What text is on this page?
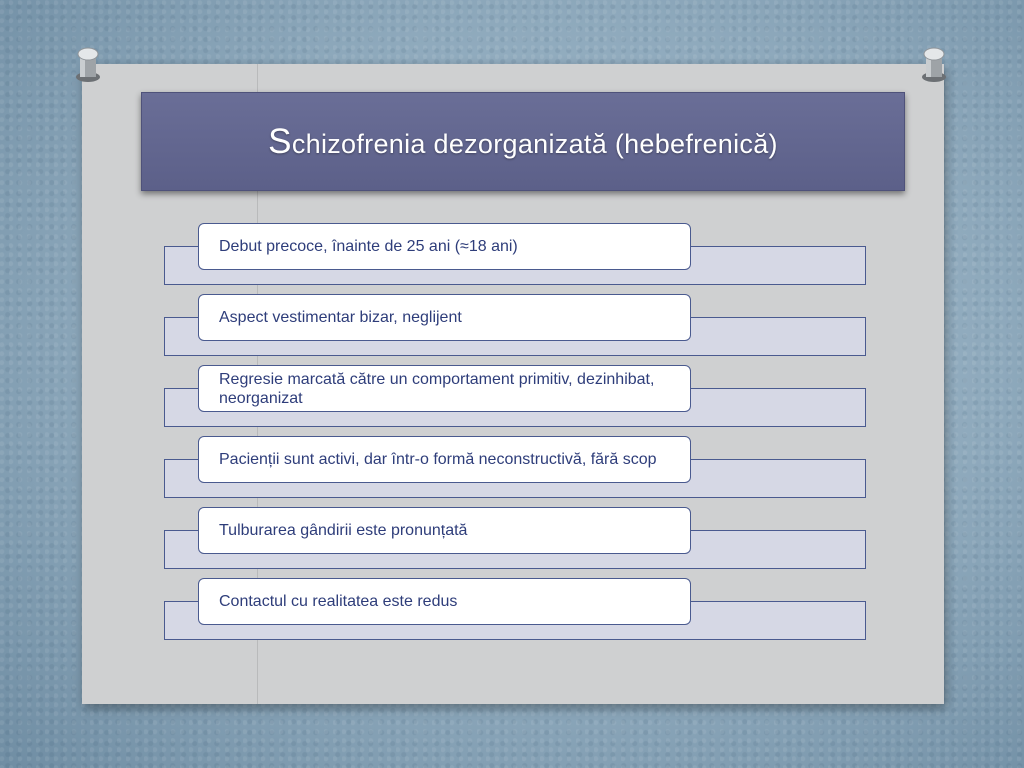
Schizofrenia dezorganizată (hebefrenică)
Debut precoce, înainte de 25 ani (≈18 ani)
Aspect vestimentar bizar, neglijent
Regresie marcată către un comportament primitiv, dezinhibat, neorganizat
Pacienții sunt activi, dar într-o formă neconstructivă, fără scop
Tulburarea gândirii este pronunțată
Contactul cu realitatea este redus
